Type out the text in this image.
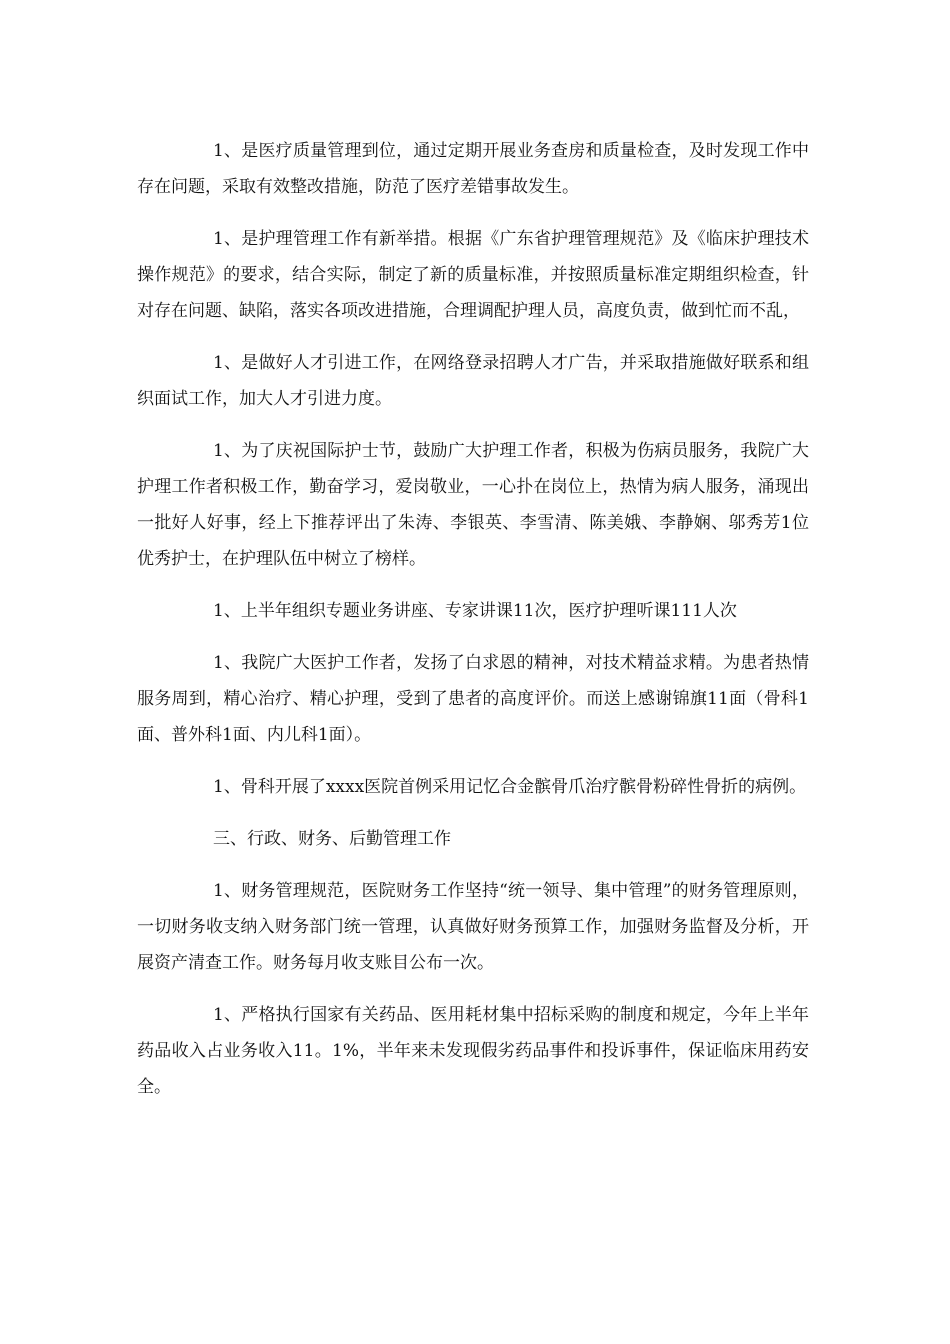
1、是医疗质量管理到位，通过定期开展业务查房和质量检查，及时发现工作中存在问题，采取有效整改措施，防范了医疗差错事故发生。

1、是护理管理工作有新举措。根据《广东省护理管理规范》及《临床护理技术操作规范》的要求，结合实际，制定了新的质量标准，并按照质量标准定期组织检查，针对存在问题、缺陷，落实各项改进措施，合理调配护理人员，高度负责，做到忙而不乱，

1、是做好人才引进工作，在网络登录招聘人才广告，并采取措施做好联系和组织面试工作，加大人才引进力度。

1、为了庆祝国际护士节，鼓励广大护理工作者，积极为伤病员服务，我院广大护理工作者积极工作，勤奋学习，爱岗敬业，一心扑在岗位上，热情为病人服务，涌现出一批好人好事，经上下推荐评出了朱涛、李银英、李雪清、陈美娥、李静娴、邬秀芳1位优秀护士，在护理队伍中树立了榜样。

1、上半年组织专题业务讲座、专家讲课11次，医疗护理听课111人次

1、我院广大医护工作者，发扬了白求恩的精神，对技术精益求精。为患者热情服务周到，精心治疗、精心护理，受到了患者的高度评价。而送上感谢锦旗11面（骨科1面、普外科1面、内儿科1面）。

1、骨科开展了xxxx医院首例采用记忆合金髌骨爪治疗髌骨粉碎性骨折的病例。

三、行政、财务、后勤管理工作

1、财务管理规范，医院财务工作坚持“统一领导、集中管理”的财务管理原则，一切财务收支纳入财务部门统一管理，认真做好财务预算工作，加强财务监督及分析，开展资产清查工作。财务每月收支账目公布一次。

1、严格执行国家有关药品、医用耗材集中招标采购的制度和规定，今年上半年药品收入占业务收入11。1%，半年来未发现假劣药品事件和投诉事件，保证临床用药安全。
